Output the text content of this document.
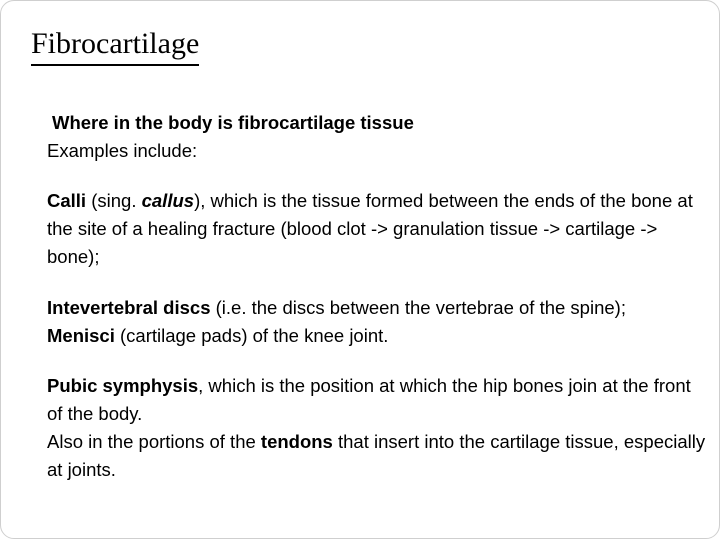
Fibrocartilage
Where in the body is fibrocartilage tissue
Examples include:
Calli (sing. callus), which is the tissue formed between the ends of the bone at the site of a healing fracture (blood clot -> granulation tissue -> cartilage -> bone);
Intevertebral discs (i.e. the discs between the vertebrae of the spine);
Menisci (cartilage pads) of the knee joint.
Pubic symphysis, which is the position at which the hip bones join at the front of the body.
Also in the portions of the tendons that insert into the cartilage tissue, especially at joints.
